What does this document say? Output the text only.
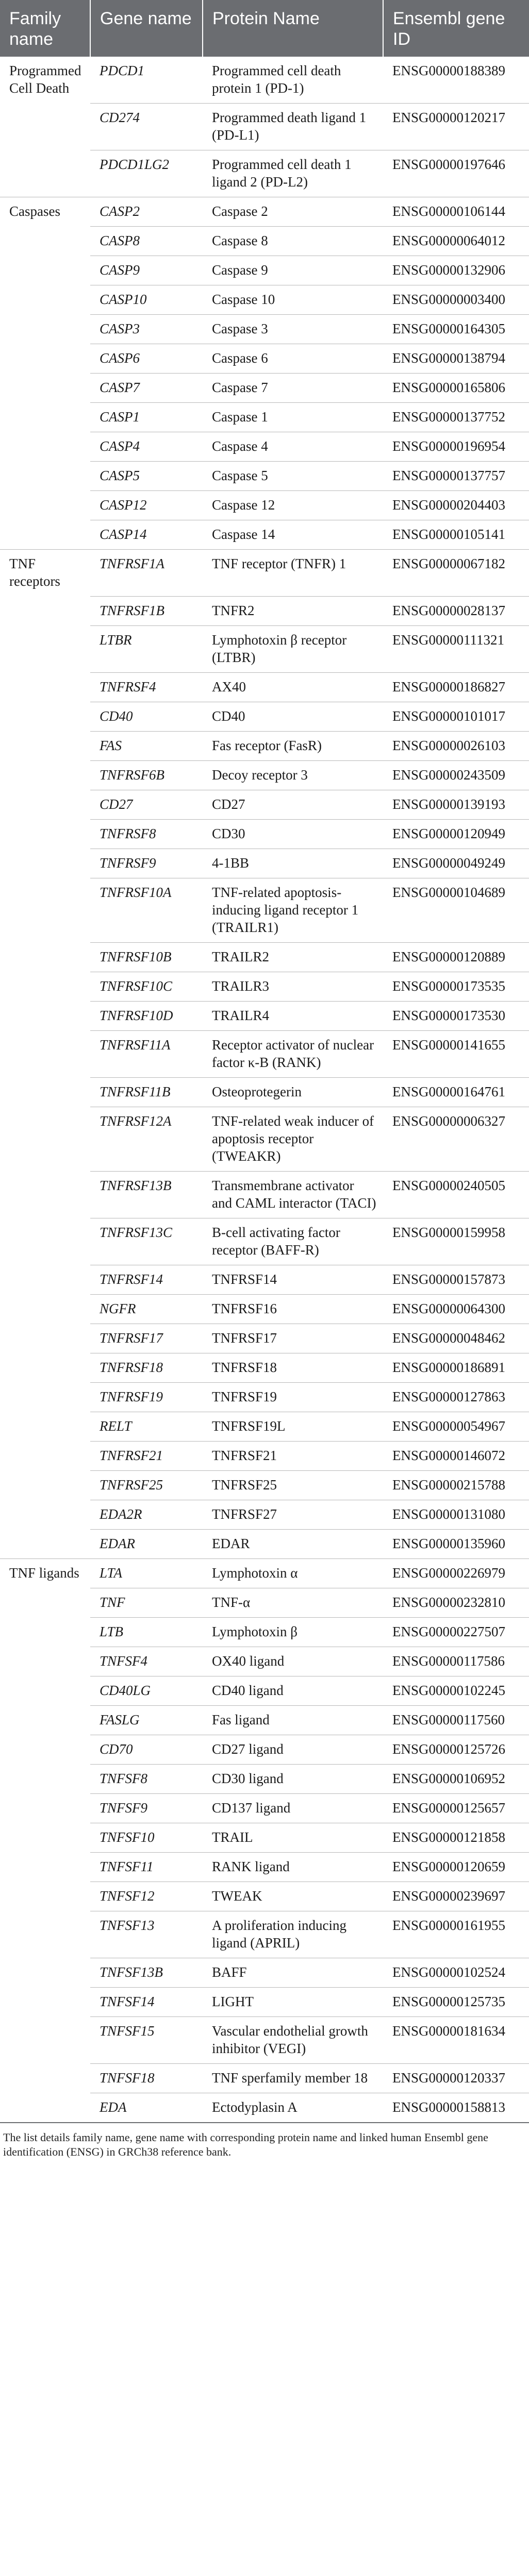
Family name	Gene name	Protein Name	Ensembl gene ID
Programmed Cell Death	PDCD1	Programmed cell death protein 1 (PD-1)	ENSG00000188389
	CD274	Programmed death ligand 1 (PD-L1)	ENSG00000120217
	PDCD1LG2	Programmed cell death 1 ligand 2 (PD-L2)	ENSG00000197646
Caspases	CASP2	Caspase 2	ENSG00000106144
	CASP8	Caspase 8	ENSG00000064012
	CASP9	Caspase 9	ENSG00000132906
	CASP10	Caspase 10	ENSG00000003400
	CASP3	Caspase 3	ENSG00000164305
	CASP6	Caspase 6	ENSG00000138794
	CASP7	Caspase 7	ENSG00000165806
	CASP1	Caspase 1	ENSG00000137752
	CASP4	Caspase 4	ENSG00000196954
	CASP5	Caspase 5	ENSG00000137757
	CASP12	Caspase 12	ENSG00000204403
	CASP14	Caspase 14	ENSG00000105141
TNF receptors	TNFRSF1A	TNF receptor (TNFR) 1	ENSG00000067182
	TNFRSF1B	TNFR2	ENSG00000028137
	LTBR	Lymphotoxin β receptor (LTBR)	ENSG00000111321
	TNFRSF4	AX40	ENSG00000186827
	CD40	CD40	ENSG00000101017
	FAS	Fas receptor (FasR)	ENSG00000026103
	TNFRSF6B	Decoy receptor 3	ENSG00000243509
	CD27	CD27	ENSG00000139193
	TNFRSF8	CD30	ENSG00000120949
	TNFRSF9	4-1BB	ENSG00000049249
	TNFRSF10A	TNF-related apoptosis-inducing ligand receptor 1 (TRAILR1)	ENSG00000104689
	TNFRSF10B	TRAILR2	ENSG00000120889
	TNFRSF10C	TRAILR3	ENSG00000173535
	TNFRSF10D	TRAILR4	ENSG00000173530
	TNFRSF11A	Receptor activator of nuclear factor κ-B (RANK)	ENSG00000141655
	TNFRSF11B	Osteoprotegerin	ENSG00000164761
	TNFRSF12A	TNF-related weak inducer of apoptosis receptor (TWEAKR)	ENSG00000006327
	TNFRSF13B	Transmembrane activator and CAML interactor (TACI)	ENSG00000240505
	TNFRSF13C	B-cell activating factor receptor (BAFF-R)	ENSG00000159958
	TNFRSF14	TNFRSF14	ENSG00000157873
	NGFR	TNFRSF16	ENSG00000064300
	TNFRSF17	TNFRSF17	ENSG00000048462
	TNFRSF18	TNFRSF18	ENSG00000186891
	TNFRSF19	TNFRSF19	ENSG00000127863
	RELT	TNFRSF19L	ENSG00000054967
	TNFRSF21	TNFRSF21	ENSG00000146072
	TNFRSF25	TNFRSF25	ENSG00000215788
	EDA2R	TNFRSF27	ENSG00000131080
	EDAR	EDAR	ENSG00000135960
TNF ligands	LTA	Lymphotoxin α	ENSG00000226979
	TNF	TNF-α	ENSG00000232810
	LTB	Lymphotoxin β	ENSG00000227507
	TNFSF4	OX40 ligand	ENSG00000117586
	CD40LG	CD40 ligand	ENSG00000102245
	FASLG	Fas ligand	ENSG00000117560
	CD70	CD27 ligand	ENSG00000125726
	TNFSF8	CD30 ligand	ENSG00000106952
	TNFSF9	CD137 ligand	ENSG00000125657
	TNFSF10	TRAIL	ENSG00000121858
	TNFSF11	RANK ligand	ENSG00000120659
	TNFSF12	TWEAK	ENSG00000239697
	TNFSF13	A proliferation inducing ligand (APRIL)	ENSG00000161955
	TNFSF13B	BAFF	ENSG00000102524
	TNFSF14	LIGHT	ENSG00000125735
	TNFSF15	Vascular endothelial growth inhibitor (VEGI)	ENSG00000181634
	TNFSF18	TNF sperfamily member 18	ENSG00000120337
	EDA	Ectodyplasin A	ENSG00000158813
The list details family name, gene name with corresponding protein name and linked human Ensembl gene identification (ENSG) in GRCh38 reference bank.			
